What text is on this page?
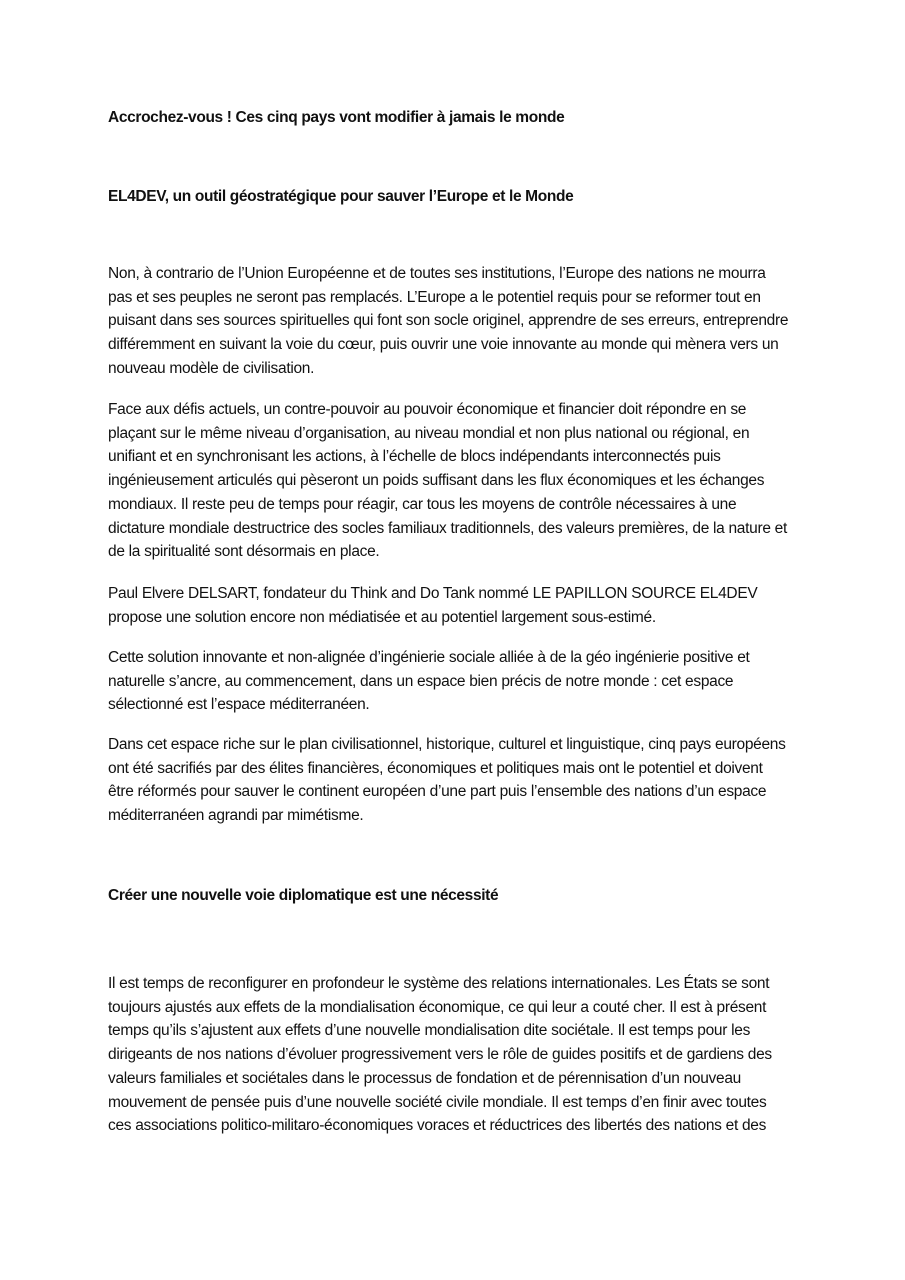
Accrochez-vous ! Ces cinq pays vont modifier à jamais le monde
EL4DEV, un outil géostratégique pour sauver l’Europe et le Monde

Non, à contrario de l’Union Européenne et de toutes ses institutions, l’Europe des nations ne mourra
pas et ses peuples ne seront pas remplacés. L’Europe a le potentiel requis pour se reformer tout en
puisant dans ses sources spirituelles qui font son socle originel, apprendre de ses erreurs, entreprendre
différemment en suivant la voie du cœur, puis ouvrir une voie innovante au monde qui mènera vers un
nouveau modèle de civilisation.

Face aux défis actuels, un contre-pouvoir au pouvoir économique et financier doit répondre en se
plaçant sur le même niveau d’organisation, au niveau mondial et non plus national ou régional, en
unifiant et en synchronisant les actions, à l’échelle de blocs indépendants interconnectés puis
ingénieusement articulés qui pèseront un poids suffisant dans les flux économiques et les échanges
mondiaux. Il reste peu de temps pour réagir, car tous les moyens de contrôle nécessaires à une
dictature mondiale destructrice des socles familiaux traditionnels, des valeurs premières, de la nature et
de la spiritualité sont désormais en place.

Paul Elvere DELSART, fondateur du Think and Do Tank nommé LE PAPILLON SOURCE EL4DEV
propose une solution encore non médiatisée et au potentiel largement sous-estimé.

Cette solution innovante et non-alignée d’ingénierie sociale alliée à de la géo ingénierie positive et
naturelle s’ancre, au commencement, dans un espace bien précis de notre monde : cet espace
sélectionné est l’espace méditerranéen.

Dans cet espace riche sur le plan civilisationnel, historique, culturel et linguistique, cinq pays européens
ont été sacrifiés par des élites financières, économiques et politiques mais ont le potentiel et doivent
être réformés pour sauver le continent européen d’une part puis l’ensemble des nations d’un espace
méditerranéen agrandi par mimétisme.

Créer une nouvelle voie diplomatique est une nécessité

Il est temps de reconfigurer en profondeur le système des relations internationales. Les États se sont
toujours ajustés aux effets de la mondialisation économique, ce qui leur a couté cher. Il est à présent
temps qu’ils s’ajustent aux effets d’une nouvelle mondialisation dite sociétale. Il est temps pour les
dirigeants de nos nations d’évoluer progressivement vers le rôle de guides positifs et de gardiens des
valeurs familiales et sociétales dans le processus de fondation et de pérennisation d’un nouveau
mouvement de pensée puis d’une nouvelle société civile mondiale. Il est temps d’en finir avec toutes
ces associations politico-militaro-économiques voraces et réductrices des libertés des nations et des
